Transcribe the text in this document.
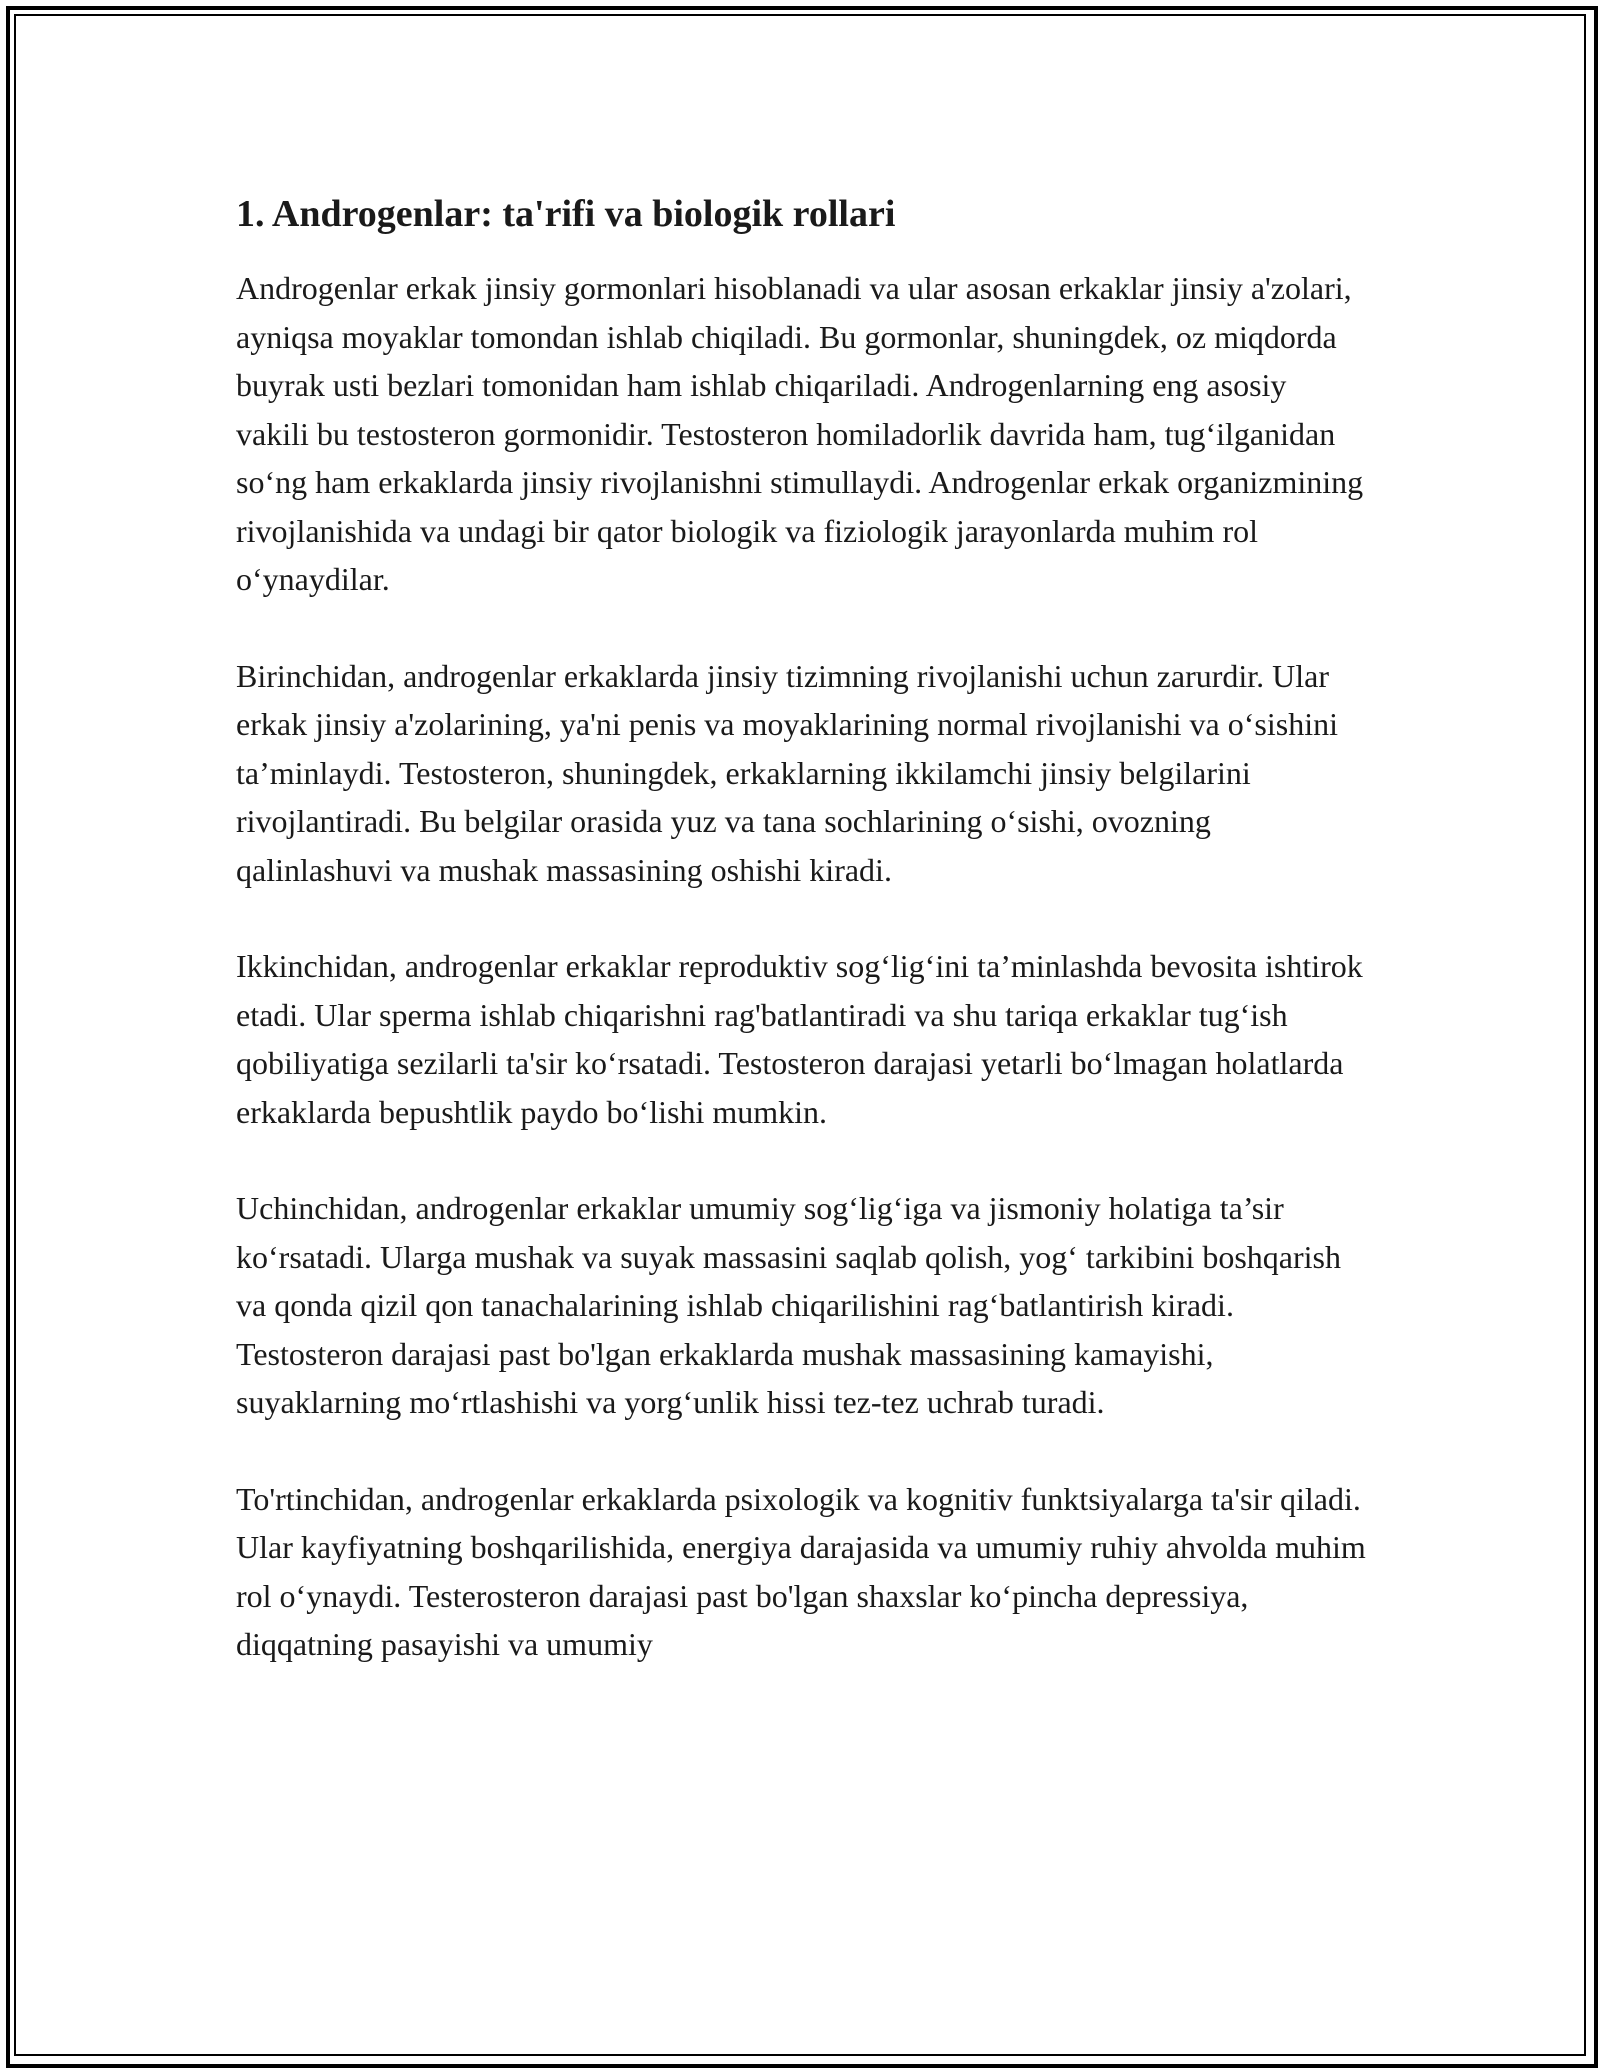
1. Androgenlar: ta'rifi va biologik rollari

Androgenlar erkak jinsiy gormonlari hisoblanadi va ular asosan erkaklar jinsiy a'zolari, ayniqsa moyaklar tomondan ishlab chiqiladi. Bu gormonlar, shuningdek, oz miqdorda buyrak usti bezlari tomonidan ham ishlab chiqariladi. Androgenlarning eng asosiy vakili bu testosteron gormonidir. Testosteron homiladorlik davrida ham, tug‘ilganidan so‘ng ham erkaklarda jinsiy rivojlanishni stimullaydi. Androgenlar erkak organizmining rivojlanishida va undagi bir qator biologik va fiziologik jarayonlarda muhim rol o‘ynaydilar.

Birinchidan, androgenlar erkaklarda jinsiy tizimning rivojlanishi uchun zarurdir. Ular erkak jinsiy a'zolarining, ya'ni penis va moyaklarining normal rivojlanishi va o‘sishini ta’minlaydi. Testosteron, shuningdek, erkaklarning ikkilamchi jinsiy belgilarini rivojlantiradi. Bu belgilar orasida yuz va tana sochlarining o‘sishi, ovozning qalinlashuvi va mushak massasining oshishi kiradi.

Ikkinchidan, androgenlar erkaklar reproduktiv sog‘lig‘ini ta’minlashda bevosita ishtirok etadi. Ular sperma ishlab chiqarishni rag'batlantiradi va shu tariqa erkaklar tug‘ish qobiliyatiga sezilarli ta'sir ko‘rsatadi. Testosteron darajasi yetarli bo‘lmagan holatlarda erkaklarda bepushtlik paydo bo‘lishi mumkin.

Uchinchidan, androgenlar erkaklar umumiy sog‘lig‘iga va jismoniy holatiga ta’sir ko‘rsatadi. Ularga mushak va suyak massasini saqlab qolish, yog‘ tarkibini boshqarish va qonda qizil qon tanachalarining ishlab chiqarilishini rag‘batlantirish kiradi. Testosteron darajasi past bo'lgan erkaklarda mushak massasining kamayishi, suyaklarning mo‘rtlashishi va yorg‘unlik hissi tez-tez uchrab turadi.

To'rtinchidan, androgenlar erkaklarda psixologik va kognitiv funktsiyalarga ta'sir qiladi. Ular kayfiyatning boshqarilishida, energiya darajasida va umumiy ruhiy ahvolda muhim rol o‘ynaydi. Testerosteron darajasi past bo'lgan shaxslar ko‘pincha depressiya, diqqatning pasayishi va umumiy
